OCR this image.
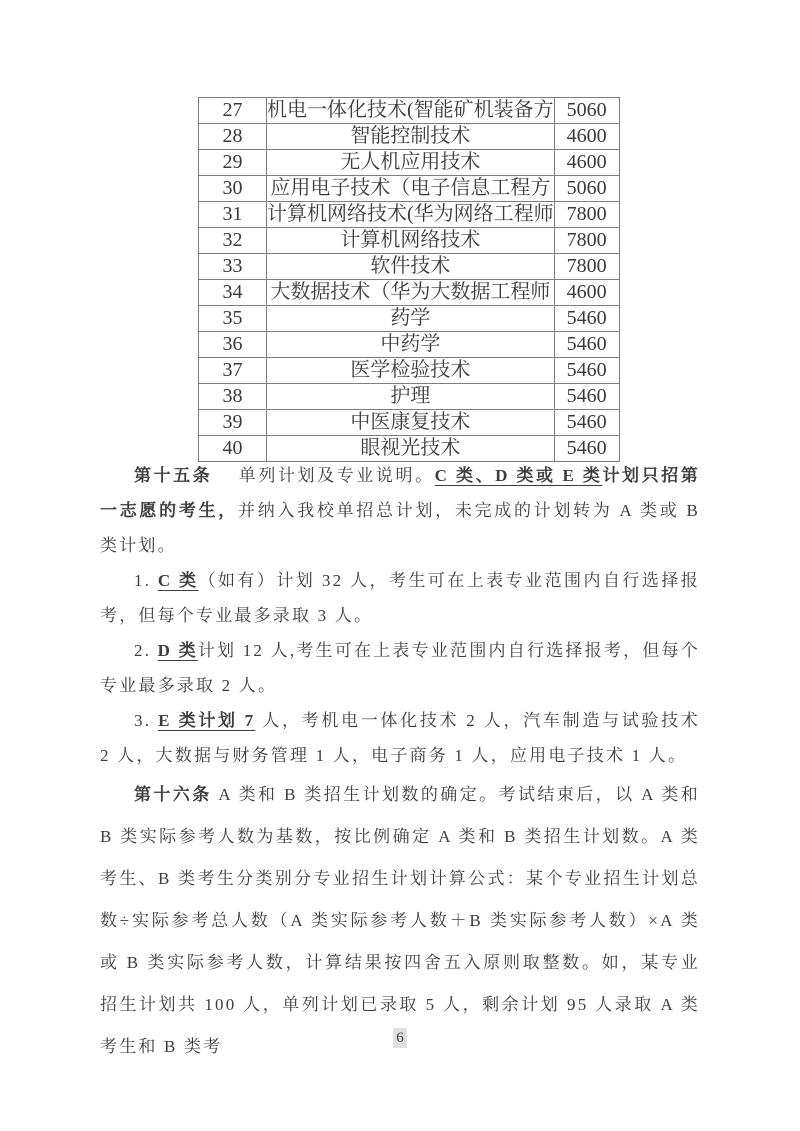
27	机电一体化技术(智能矿机装备方	5060
28	智能控制技术	4600
29	无人机应用技术	4600
30	应用电子技术（电子信息工程方	5060
31	计算机网络技术(华为网络工程师	7800
32	计算机网络技术	7800
33	软件技术	7800
34	大数据技术（华为大数据工程师	4600
35	药学	5460
36	中药学	5460
37	医学检验技术	5460
38	护理	5460
39	中医康复技术	5460
40	眼视光技术	5460

第十五条　 单列计划及专业说明。C 类、D 类或 E 类计划只招第一志愿的考生，并纳入我校单招总计划，未完成的计划转为 A 类或 B 类计划。

1. C 类（如有）计划 32 人，考生可在上表专业范围内自行选择报考，但每个专业最多录取 3 人。

2. D 类计划 12 人,考生可在上表专业范围内自行选择报考，但每个专业最多录取 2 人。

3. E 类计划 7 人，考机电一体化技术 2 人，汽车制造与试验技术 2 人，大数据与财务管理 1 人，电子商务 1 人，应用电子技术 1 人。

第十六条 A 类和 B 类招生计划数的确定。考试结束后，以 A 类和 B 类实际参考人数为基数，按比例确定 A 类和 B 类招生计划数。A 类考生、B 类考生分类别分专业招生计划计算公式：某个专业招生计划总数÷实际参考总人数（A 类实际参考人数＋B 类实际参考人数）×A 类或 B 类实际参考人数，计算结果按四舍五入原则取整数。如，某专业招生计划共 100 人，单列计划已录取 5 人，剩余计划 95 人录取 A 类考生和 B 类考	6
